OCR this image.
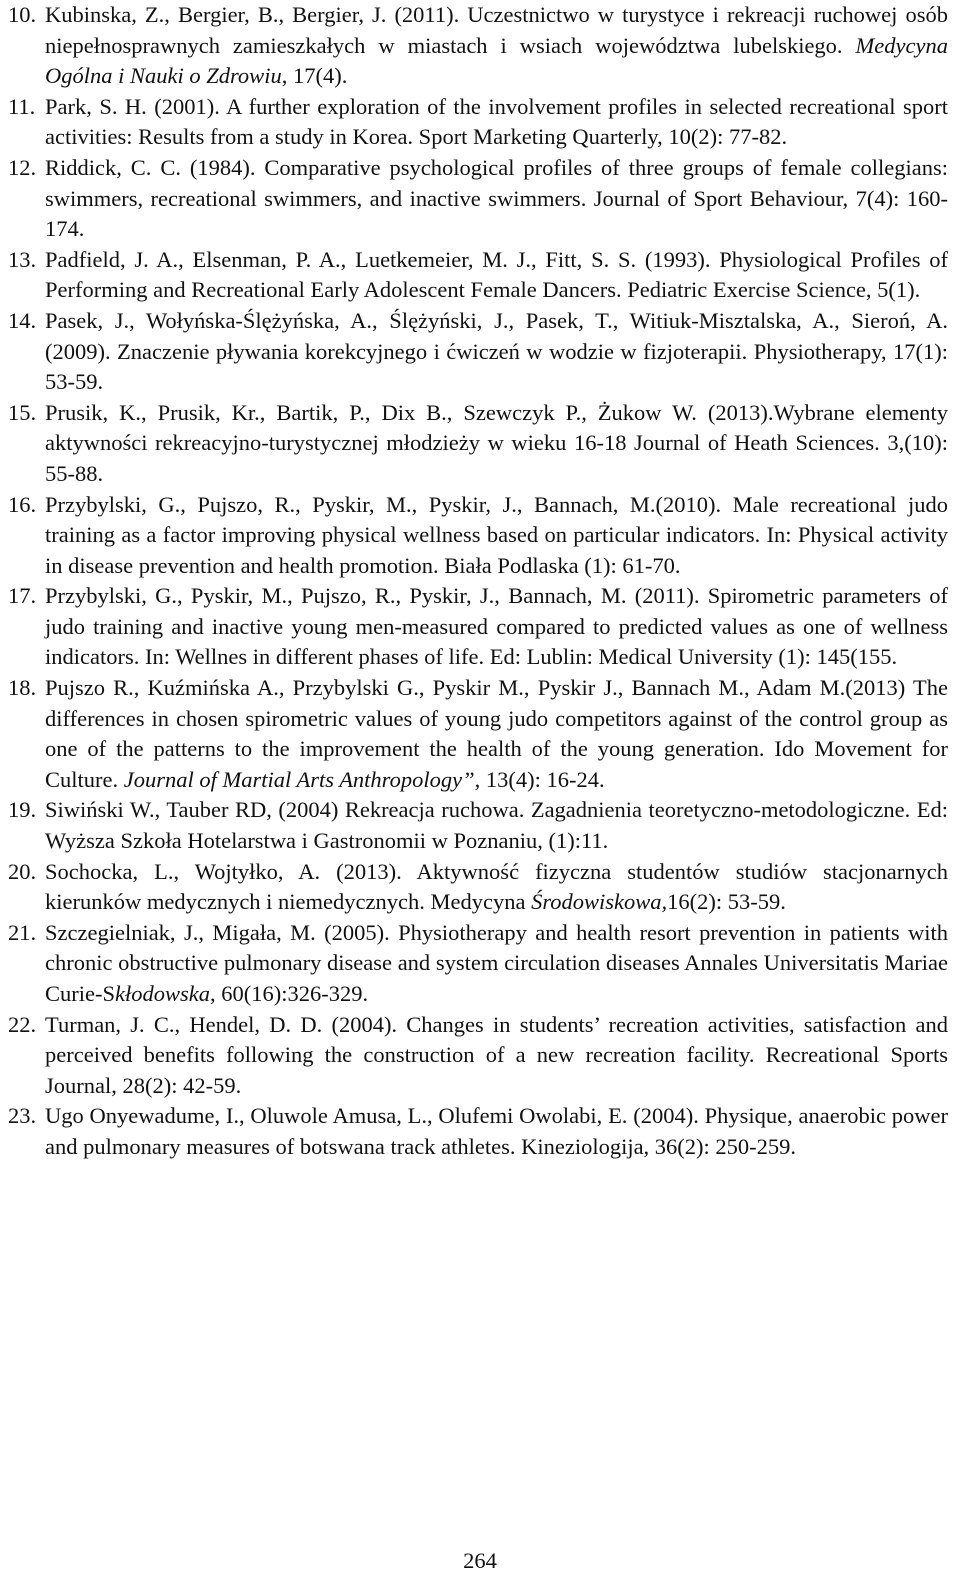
10. Kubinska, Z., Bergier, B., Bergier, J. (2011). Uczestnictwo w turystyce i rekreacji ruchowej osób niepełnosprawnych zamieszkałych w miastach i wsiach województwa lubelskiego. Medycyna Ogólna i Nauki o Zdrowiu, 17(4).
11. Park, S. H. (2001). A further exploration of the involvement profiles in selected recreational sport activities: Results from a study in Korea. Sport Marketing Quarterly, 10(2): 77-82.
12. Riddick, C. C. (1984). Comparative psychological profiles of three groups of female collegians: swimmers, recreational swimmers, and inactive swimmers. Journal of Sport Behaviour, 7(4): 160-174.
13. Padfield, J. A., Elsenman, P. A., Luetkemeier, M. J., Fitt, S. S. (1993). Physiological Profiles of Performing and Recreational Early Adolescent Female Dancers. Pediatric Exercise Science, 5(1).
14. Pasek, J., Wołyńska-Ślężyńska, A., Ślężyński, J., Pasek, T., Witiuk-Misztalska, A., Sieroń, A. (2009). Znaczenie pływania korekcyjnego i ćwiczeń w wodzie w fizjoterapii. Physiotherapy, 17(1): 53-59.
15. Prusik, K., Prusik, Kr., Bartik, P., Dix B., Szewczyk P., Żukow W. (2013).Wybrane elementy aktywności rekreacyjno-turystycznej młodzieży w wieku 16-18 Journal of Heath Sciences. 3,(10): 55-88.
16. Przybylski, G., Pujszo, R., Pyskir, M., Pyskir, J., Bannach, M.(2010). Male recreational judo training as a factor improving physical wellness based on particular indicators. In: Physical activity in disease prevention and health promotion. Biała Podlaska (1): 61-70.
17. Przybylski, G., Pyskir, M., Pujszo, R., Pyskir, J., Bannach, M. (2011). Spirometric parameters of judo training and inactive young men-measured compared to predicted values as one of wellness indicators. In: Wellnes in different phases of life. Ed: Lublin: Medical University (1): 145(155.
18. Pujszo R., Kuźmińska A., Przybylski G., Pyskir M., Pyskir J., Bannach M., Adam M.(2013) The differences in chosen spirometric values of young judo competitors against of the control group as one of the patterns to the improvement the health of the young generation. Ido Movement for Culture. Journal of Martial Arts Anthropology”, 13(4): 16-24.
19. Siwiński W., Tauber RD, (2004) Rekreacja ruchowa. Zagadnienia teoretyczno-metodologiczne. Ed: Wyższa Szkoła Hotelarstwa i Gastronomii w Poznaniu, (1):11.
20. Sochocka, L., Wojtyłko, A. (2013). Aktywność fizyczna studentów studiów stacjonarnych kierunków medycznych i niemedycznych. Medycyna Środowiskowa,16(2): 53-59.
21. Szczegielniak, J., Migała, M. (2005). Physiotherapy and health resort prevention in patients with chronic obstructive pulmonary disease and system circulation diseases Annales Universitatis Mariae Curie-Skłodowska, 60(16):326-329.
22. Turman, J. C., Hendel, D. D. (2004). Changes in students’ recreation activities, satisfaction and perceived benefits following the construction of a new recreation facility. Recreational Sports Journal, 28(2): 42-59.
23. Ugo Onyewadume, I., Oluwole Amusa, L., Olufemi Owolabi, E. (2004). Physique, anaerobic power and pulmonary measures of botswana track athletes. Kineziologija, 36(2): 250-259.
264
